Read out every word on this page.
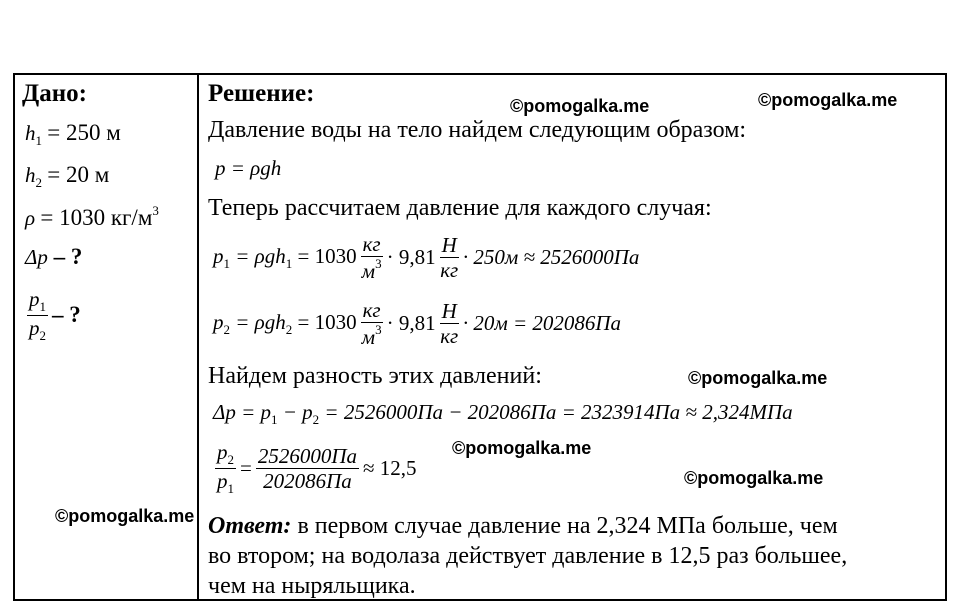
Дано:
$h_1 = 250$ м
$h_2 = 20$ м
ρ = 1030 $кг/м^3$
Δp – ?
$\frac{p_1}{p_2}$ – ?
Решение:
Давление воды на тело найдем следующим образом:
p = ρgh
Теперь рассчитаем давление для каждого случая:
$p_1 = \rho gh_1 = 1030 \frac{кг}{м^3} \cdot 9,81 \frac{Н}{кг} \cdot 250м \approx 2526000Па$
$p_2 = \rho gh_2 = 1030 \frac{кг}{м^3} \cdot 9,81 \frac{Н}{кг} \cdot 20м = 202086Па$
Найдем разность этих давлений:
$\Delta p = p_1 - p_2 = 2526000Па - 202086Па = 2323914Па \approx 2,324МПа$
$\frac{p_2}{p_1} = \frac{2526000Па}{202086Па} \approx 12,5$
Ответ: в первом случае давление на 2,324 МПа больше, чем
во втором; на водолаза действует давление в 12,5 раз большее,
чем на ныряльщика.
©pomogalka.me	©pomogalka.me
©pomogalka.me
©pomogalka.me
©pomogalka.me
©pomogalka.me
